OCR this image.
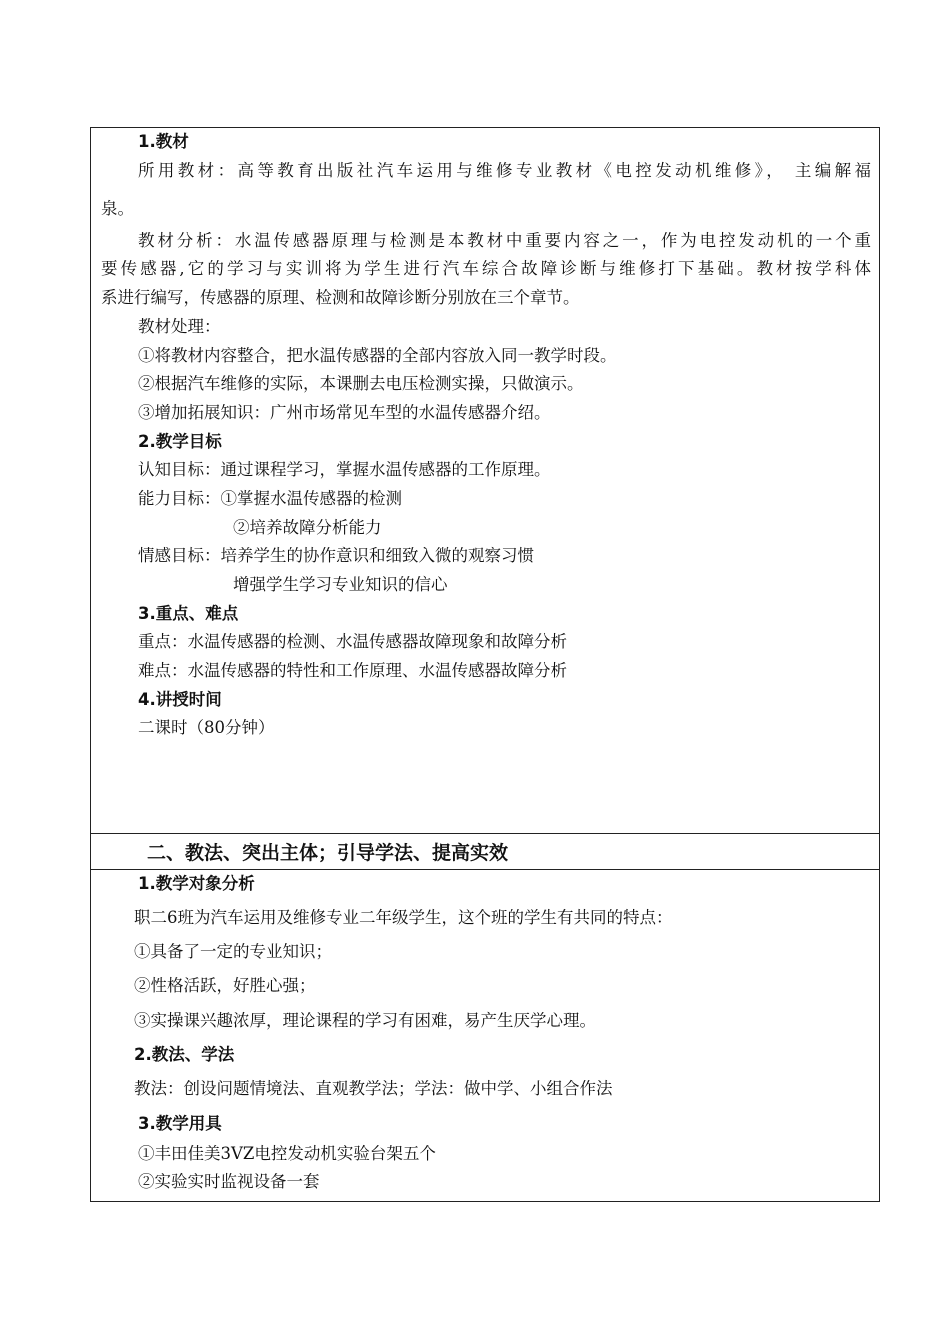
1.教材
所用教材：高等教育出版社汽车运用与维修专业教材《电控发动机维修》， 主编解福
泉。
教材分析：水温传感器原理与检测是本教材中重要内容之一，作为电控发动机的一个重
要传感器,它的学习与实训将为学生进行汽车综合故障诊断与维修打下基础。教材按学科体
系进行编写，传感器的原理、检测和故障诊断分别放在三个章节。
教材处理：
①将教材内容整合，把水温传感器的全部内容放入同一教学时段。
②根据汽车维修的实际，本课删去电压检测实操，只做演示。
③增加拓展知识：广州市场常见车型的水温传感器介绍。
2.教学目标
认知目标：通过课程学习，掌握水温传感器的工作原理。
能力目标：①掌握水温传感器的检测
②培养故障分析能力
情感目标：培养学生的协作意识和细致入微的观察习惯
增强学生学习专业知识的信心
3.重点、难点
重点：水温传感器的检测、水温传感器故障现象和故障分析
难点：水温传感器的特性和工作原理、水温传感器故障分析
4.讲授时间
二课时（80分钟）
二、教法、突出主体；引导学法、提高实效
1.教学对象分析
职二6班为汽车运用及维修专业二年级学生，这个班的学生有共同的特点：
①具备了一定的专业知识；
②性格活跃，好胜心强；
③实操课兴趣浓厚，理论课程的学习有困难，易产生厌学心理。
2.教法、学法
教法：创设问题情境法、直观教学法；学法：做中学、小组合作法
3.教学用具
①丰田佳美3VZ电控发动机实验台架五个
②实验实时监视设备一套
